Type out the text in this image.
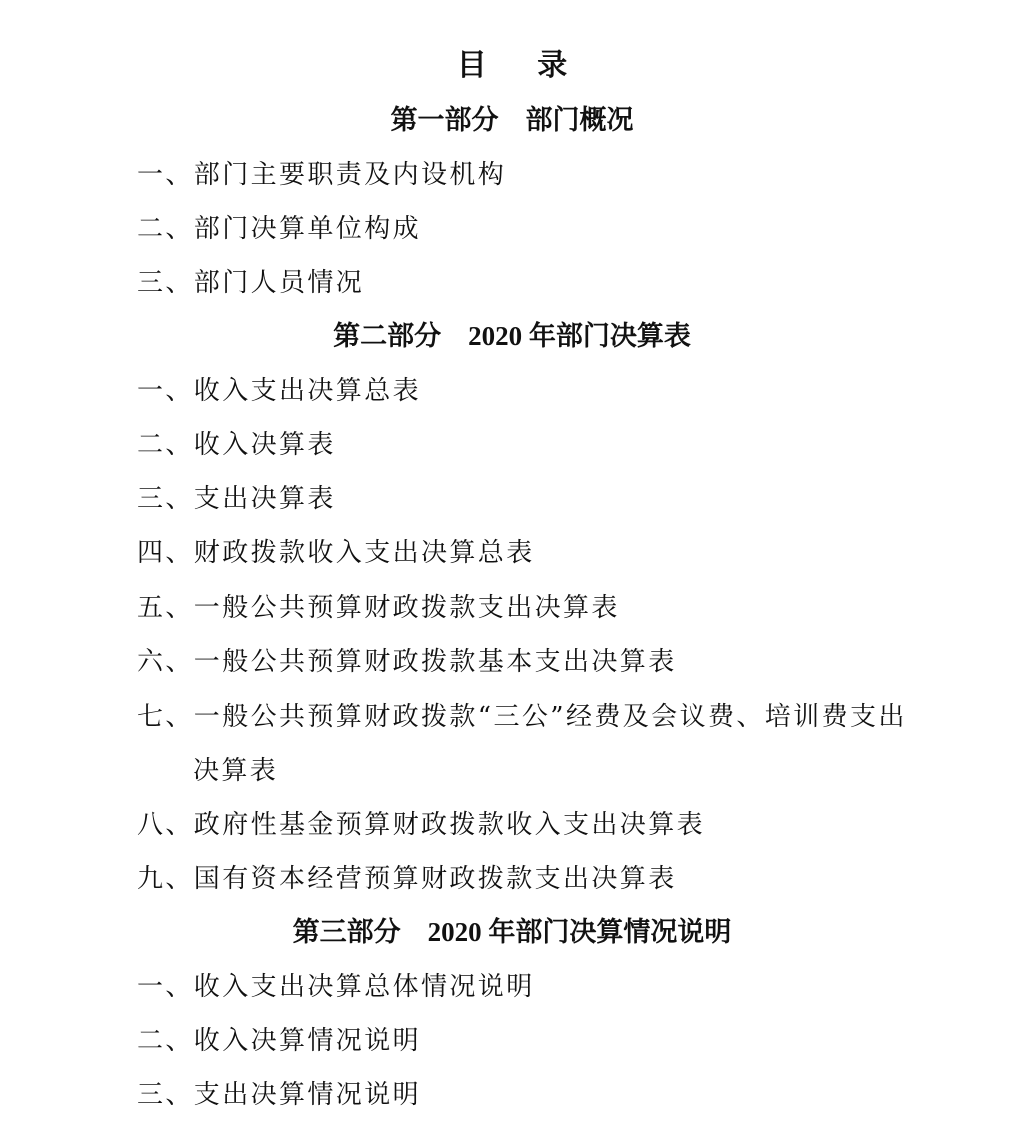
目 录
第一部分　部门概况
一、部门主要职责及内设机构
二、部门决算单位构成
三、部门人员情况
第二部分　2020 年部门决算表
一、收入支出决算总表
二、收入决算表
三、支出决算表
四、财政拨款收入支出决算总表
五、一般公共预算财政拨款支出决算表
六、一般公共预算财政拨款基本支出决算表
七、一般公共预算财政拨款“三公”经费及会议费、培训费支出
决算表
八、政府性基金预算财政拨款收入支出决算表
九、国有资本经营预算财政拨款支出决算表
第三部分　2020 年部门决算情况说明
一、收入支出决算总体情况说明
二、收入决算情况说明
三、支出决算情况说明
